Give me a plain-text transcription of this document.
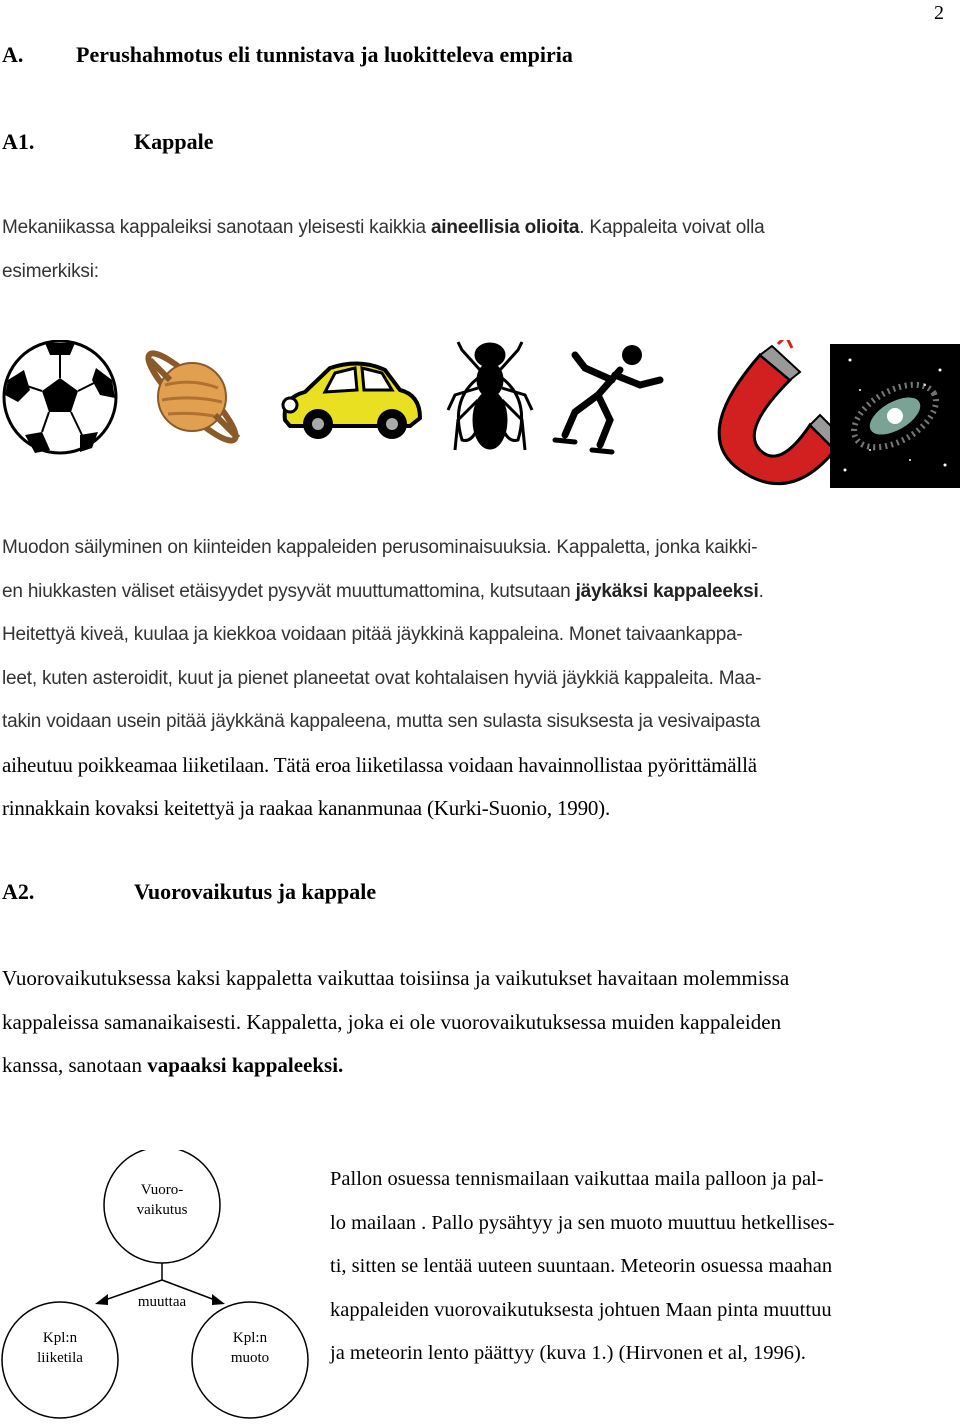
2
A. Perushahmotus eli tunnistava ja luokitteleva empiria
A1.	Kappale
Mekaniikassa kappaleiksi sanotaan yleisesti kaikkia aineellisia olioita. Kappaleita voivat olla
esimerkiksi:
Muodon säilyminen on kiinteiden kappaleiden perusominaisuuksia. Kappaletta, jonka kaikki-
en hiukkasten väliset etäisyydet pysyvät muuttumattomina, kutsutaan jäykäksi kappaleeksi.
Heitettyä kiveä, kuulaa ja kiekkoa voidaan pitää jäykkinä kappaleina. Monet taivaankappa-
leet, kuten asteroidit, kuut ja pienet planeetat ovat kohtalaisen hyviä jäykkiä kappaleita. Maa-
takin voidaan usein pitää jäykkänä kappaleena, mutta sen sulasta sisuksesta ja vesivaipasta
aiheutuu poikkeamaa liiketilaan. Tätä eroa liiketilassa voidaan havainnollistaa pyörittämällä
rinnakkain kovaksi keitettyä ja raakaa kananmunaa (Kurki-Suonio, 1990).
A2.	Vuorovaikutus ja kappale
Vuorovaikutuksessa kaksi kappaletta vaikuttaa toisiinsa ja vaikutukset havaitaan molemmissa
kappaleissa samanaikaisesti. Kappaletta, joka ei ole vuorovaikutuksessa muiden kappaleiden
kanssa, sanotaan vapaaksi kappaleeksi.
Vuoro-
vaikutus
muuttaa
Kpl:n
liiketila
Kpl:n
muoto
Pallon osuessa tennismailaan vaikuttaa maila palloon ja pal-
lo mailaan . Pallo pysähtyy ja sen muoto muuttuu hetkellises-
ti, sitten se lentää uuteen suuntaan. Meteorin osuessa maahan
kappaleiden vuorovaikutuksesta johtuen Maan pinta muuttuu
ja meteorin lento päättyy (kuva 1.) (Hirvonen et al, 1996).
